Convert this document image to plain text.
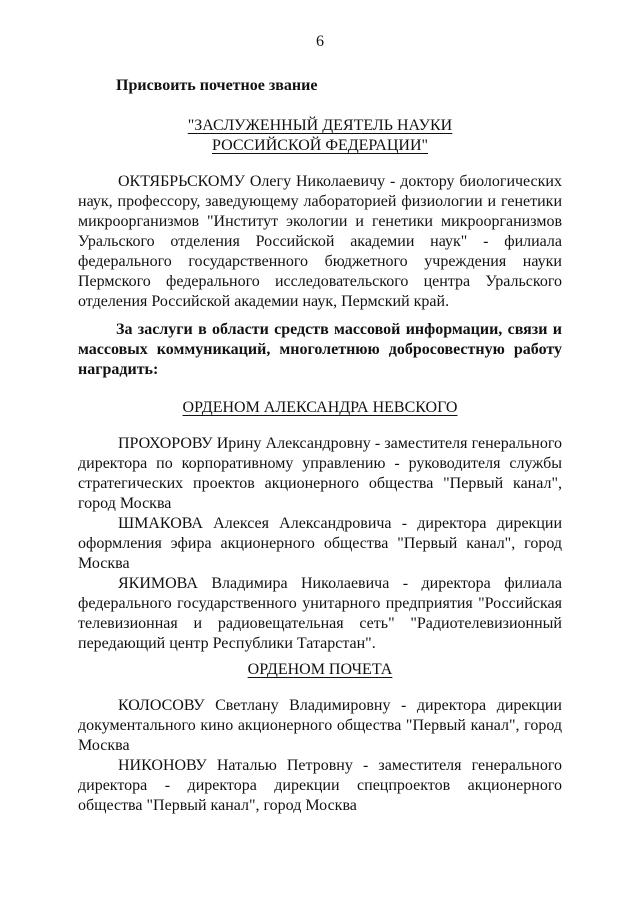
6
Присвоить почетное звание
"ЗАСЛУЖЕННЫЙ ДЕЯТЕЛЬ НАУКИ
РОССИЙСКОЙ ФЕДЕРАЦИИ"

ОКТЯБРЬСКОМУ Олегу Николаевичу - доктору биологических наук, профессору, заведующему лабораторией физиологии и генетики микроорганизмов "Институт экологии и генетики микроорганизмов Уральского отделения Российской академии наук" - филиала федерального государственного бюджетного учреждения науки Пермского федерального исследовательского центра Уральского отделения Российской академии наук, Пермский край.

За заслуги в области средств массовой информации, связи и массовых коммуникаций, многолетнюю добросовестную работу наградить:

ОРДЕНОМ АЛЕКСАНДРА НЕВСКОГО

ПРОХОРОВУ Ирину Александровну - заместителя генерального директора по корпоративному управлению - руководителя службы стратегических проектов акционерного общества "Первый канал", город Москва

ШМАКОВА Алексея Александровича - директора дирекции оформления эфира акционерного общества "Первый канал", город Москва

ЯКИМОВА Владимира Николаевича - директора филиала федерального государственного унитарного предприятия "Российская телевизионная и радиовещательная сеть" "Радиотелевизионный передающий центр Республики Татарстан".

ОРДЕНОМ ПОЧЕТА

КОЛОСОВУ Светлану Владимировну - директора дирекции документального кино акционерного общества "Первый канал", город Москва

НИКОНОВУ Наталью Петровну - заместителя генерального директора - директора дирекции спецпроектов акционерного общества "Первый канал", город Москва
